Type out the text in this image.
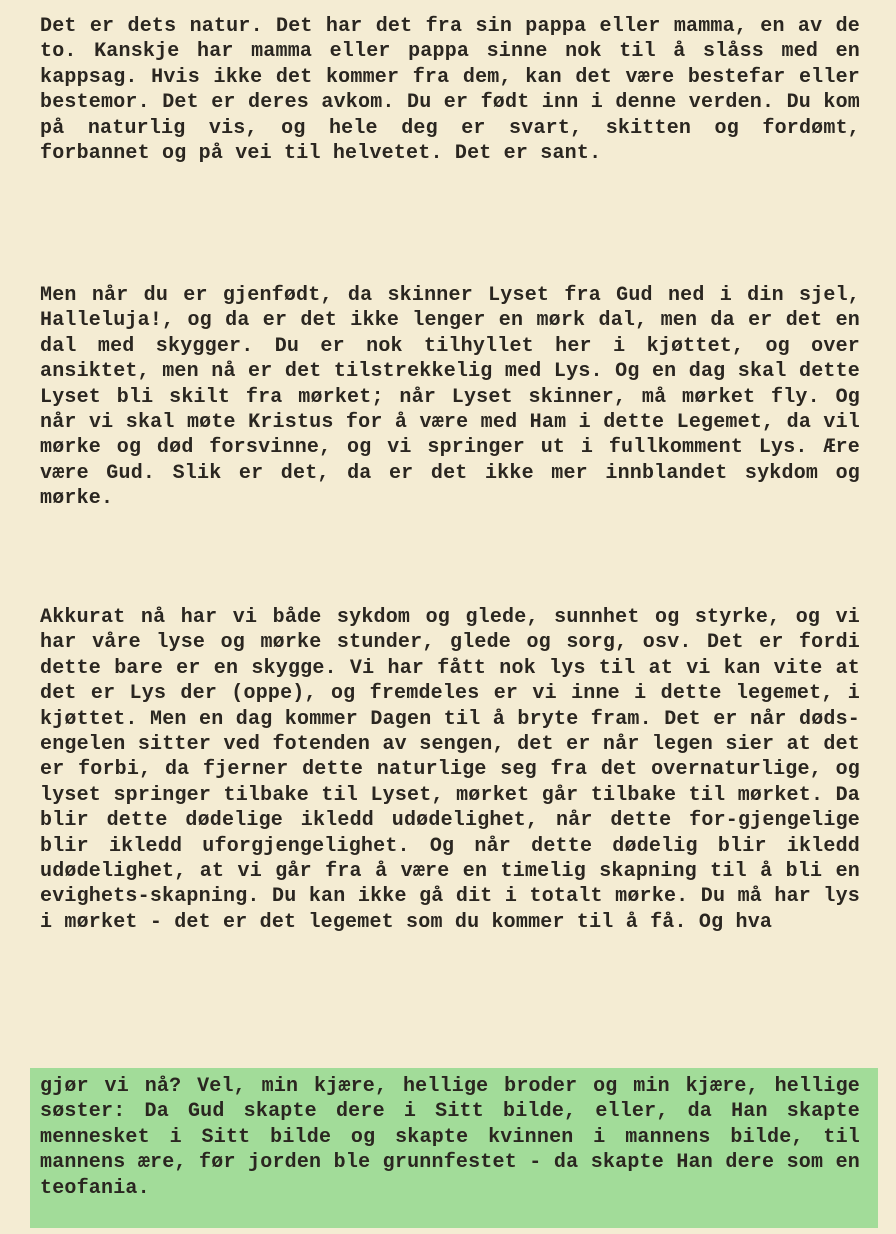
Det er dets natur. Det har det fra sin pappa eller mamma, en av de to. Kanskje har mamma eller pappa sinne nok til å slåss med en kappsag. Hvis ikke det kommer fra dem, kan det være bestefar eller bestemor. Det er deres avkom. Du er født inn i denne verden. Du kom på naturlig vis, og hele deg er svart, skitten og fordømt, forbannet og på vei til helvetet. Det er sant.

Men når du er gjenfødt, da skinner Lyset fra Gud ned i din sjel, Halleluja!, og da er det ikke lenger en mørk dal, men da er det en dal med skygger. Du er nok tilhyllet her i kjøttet, og over ansiktet, men nå er det tilstrekkelig med Lys. Og en dag skal dette Lyset bli skilt fra mørket; når Lyset skinner, må mørket fly. Og når vi skal møte Kristus for å være med Ham i dette Legemet, da vil mørke og død forsvinne, og vi springer ut i fullkomment Lys. Ære være Gud. Slik er det, da er det ikke mer innblandet sykdom og mørke.

Akkurat nå har vi både sykdom og glede, sunnhet og styrke, og vi har våre lyse og mørke stunder, glede og sorg, osv. Det er fordi dette bare er en skygge. Vi har fått nok lys til at vi kan vite at det er Lys der (oppe), og fremdeles er vi inne i dette legemet, i kjøttet. Men en dag kommer Dagen til å bryte fram. Det er når døds-engelen sitter ved fotenden av sengen, det er når legen sier at det er forbi, da fjerner dette naturlige seg fra det overnaturlige, og lyset springer tilbake til Lyset, mørket går tilbake til mørket. Da blir dette dødelige ikledd udødelighet, når dette for-gjengelige blir ikledd uforgjengelighet. Og når dette dødelig blir ikledd udødelighet, at vi går fra å være en timelig skapning til å bli en evighets-skapning. Du kan ikke gå dit i totalt mørke. Du må har lys i mørket - det er det legemet som du kommer til å få. Og hva

gjør vi nå? Vel, min kjære, hellige broder og min kjære, hellige søster: Da Gud skapte dere i Sitt bilde, eller, da Han skapte mennesket i Sitt bilde og skapte kvinnen i mannens bilde, til mannens ære, før jorden ble grunnfestet - da skapte Han dere som en teofania.
